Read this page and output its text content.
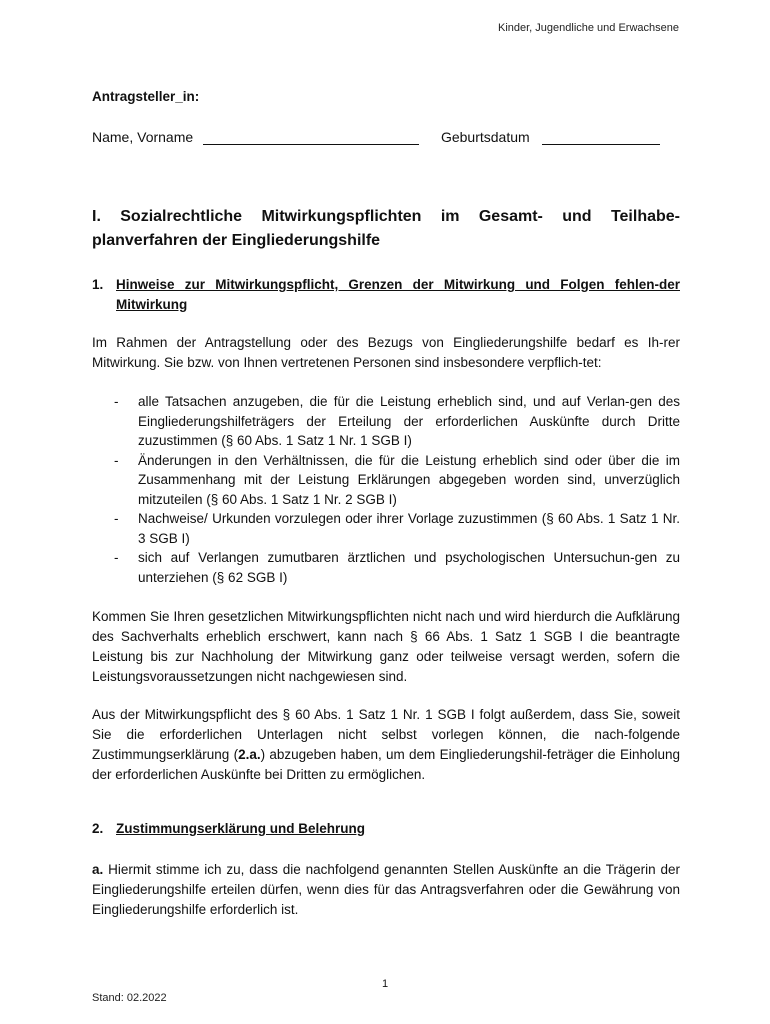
Kinder, Jugendliche und Erwachsene
Antragsteller_in:
Name, Vorname	Geburtsdatum
I. Sozialrechtliche Mitwirkungspflichten im Gesamt- und Teilhabe-planverfahren der Eingliederungshilfe
1. Hinweise zur Mitwirkungspflicht, Grenzen der Mitwirkung und Folgen fehlen-der Mitwirkung

Im Rahmen der Antragstellung oder des Bezugs von Eingliederungshilfe bedarf es Ih-rer Mitwirkung. Sie bzw. von Ihnen vertretenen Personen sind insbesondere verpflich-tet:

- alle Tatsachen anzugeben, die für die Leistung erheblich sind, und auf Verlan-gen des Eingliederungshilfeträgers der Erteilung der erforderlichen Auskünfte durch Dritte zuzustimmen (§ 60 Abs. 1 Satz 1 Nr. 1 SGB I)
- Änderungen in den Verhältnissen, die für die Leistung erheblich sind oder über die im Zusammenhang mit der Leistung Erklärungen abgegeben worden sind, unverzüglich mitzuteilen (§ 60 Abs. 1 Satz 1 Nr. 2 SGB I)
- Nachweise/ Urkunden vorzulegen oder ihrer Vorlage zuzustimmen (§ 60 Abs. 1 Satz 1 Nr. 3 SGB I)
- sich auf Verlangen zumutbaren ärztlichen und psychologischen Untersuchun-gen zu unterziehen (§ 62 SGB I)

Kommen Sie Ihren gesetzlichen Mitwirkungspflichten nicht nach und wird hierdurch die Aufklärung des Sachverhalts erheblich erschwert, kann nach § 66 Abs. 1 Satz 1 SGB I die beantragte Leistung bis zur Nachholung der Mitwirkung ganz oder teilweise versagt werden, sofern die Leistungsvoraussetzungen nicht nachgewiesen sind.

Aus der Mitwirkungspflicht des § 60 Abs. 1 Satz 1 Nr. 1 SGB I folgt außerdem, dass Sie, soweit Sie die erforderlichen Unterlagen nicht selbst vorlegen können, die nach-folgende Zustimmungserklärung (2.a.) abzugeben haben, um dem Eingliederungshil-feträger die Einholung der erforderlichen Auskünfte bei Dritten zu ermöglichen.

2. Zustimmungserklärung und Belehrung

a. Hiermit stimme ich zu, dass die nachfolgend genannten Stellen Auskünfte an die Trägerin der Eingliederungshilfe erteilen dürfen, wenn dies für das Antragsverfahren oder die Gewährung von Eingliederungshilfe erforderlich ist.

1
Stand: 02.2022
